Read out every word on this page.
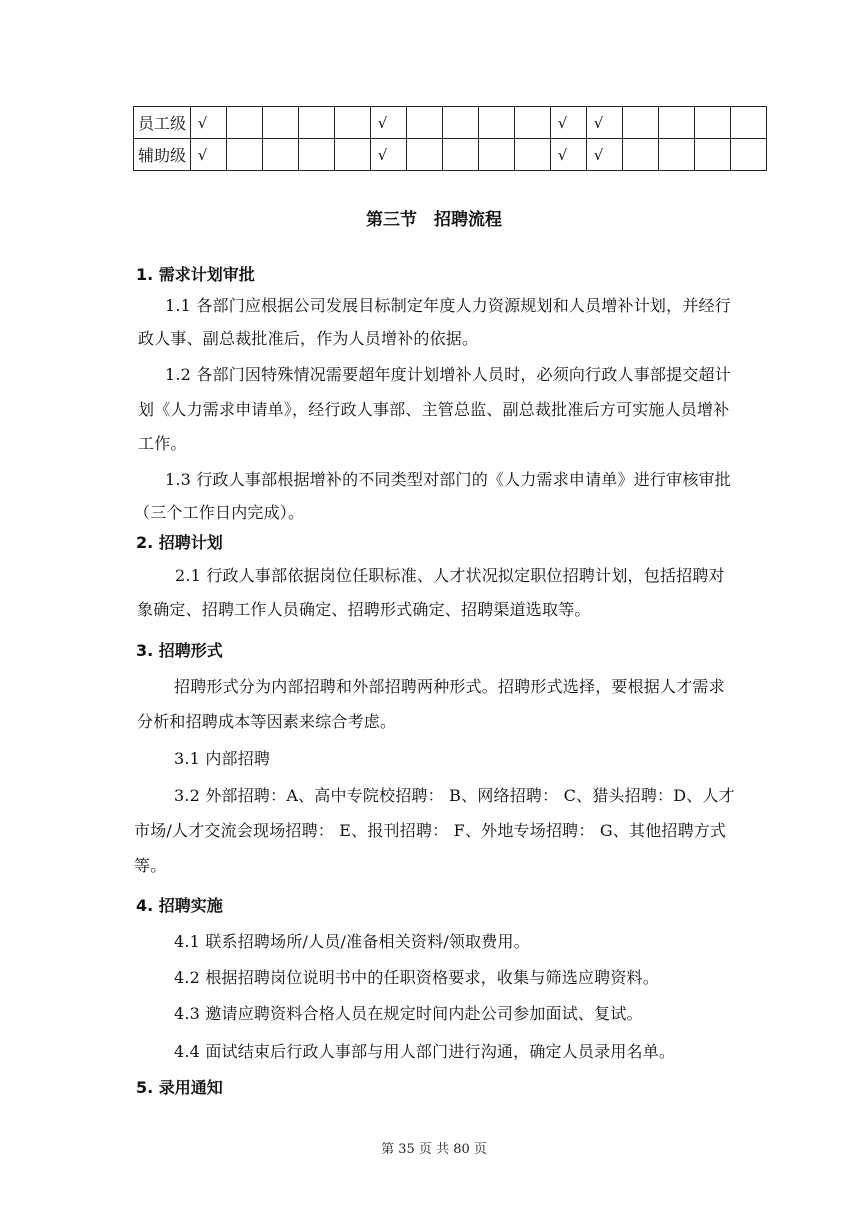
员工级	√					√					√	√				
辅助级	√					√					√	√				
第三节　招聘流程
1. 需求计划审批
1.1 各部门应根据公司发展目标制定年度人力资源规划和人员增补计划，并经行
政人事、副总裁批准后，作为人员增补的依据。
1.2 各部门因特殊情况需要超年度计划增补人员时，必须向行政人事部提交超计
划《人力需求申请单》，经行政人事部、主管总监、副总裁批准后方可实施人员增补
工作。
1.3 行政人事部根据增补的不同类型对部门的《人力需求申请单》进行审核审批
（三个工作日内完成）。
2. 招聘计划
2.1 行政人事部依据岗位任职标准、人才状况拟定职位招聘计划，包括招聘对
象确定、招聘工作人员确定、招聘形式确定、招聘渠道选取等。
3. 招聘形式
招聘形式分为内部招聘和外部招聘两种形式。招聘形式选择，要根据人才需求
分析和招聘成本等因素来综合考虑。
3.1 内部招聘
3.2 外部招聘：A、高中专院校招聘： B、网络招聘： C、猎头招聘：D、人才
市场/人才交流会现场招聘： E、报刊招聘： F、外地专场招聘： G、其他招聘方式
等。
4. 招聘实施
4.1 联系招聘场所/人员/准备相关资料/领取费用。
4.2 根据招聘岗位说明书中的任职资格要求，收集与筛选应聘资料。
4.3 邀请应聘资料合格人员在规定时间内赴公司参加面试、复试。
4.4 面试结束后行政人事部与用人部门进行沟通，确定人员录用名单。
5. 录用通知
第 35 页 共 80 页
